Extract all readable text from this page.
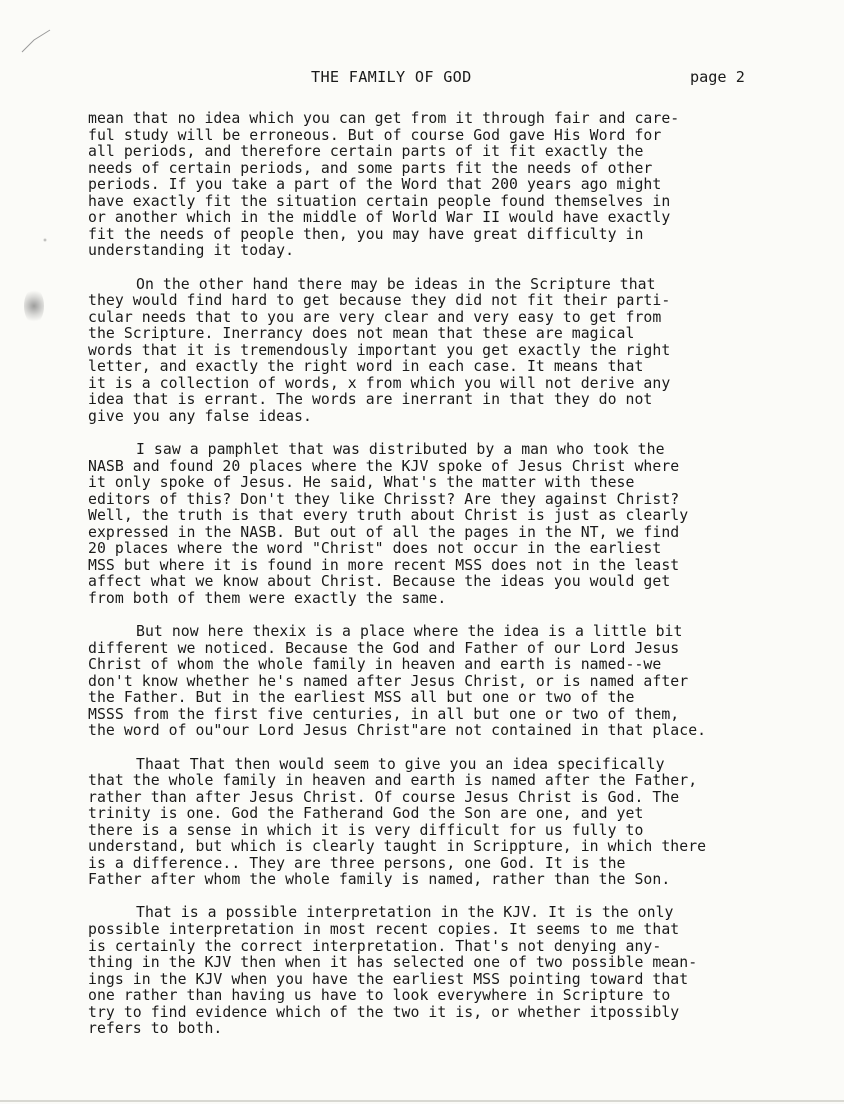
THE FAMILY OF GOD	page 2
mean that no idea which you can get from it through fair and care-
ful study will be erroneous. But of course God gave His Word for
all periods, and therefore certain parts of it fit exactly the
needs of certain periods, and some parts fit the needs of other
periods. If you take a part of the Word that 200 years ago might
have exactly fit the situation certain people found themselves in
or another which in the middle of World War II would have exactly
fit the needs of people then, you may have great difficulty in
understanding it today.
On the other hand there may be ideas in the Scripture that
they would find hard to get because they did not fit their parti-
cular needs that to you are very clear and very easy to get from
the Scripture. Inerrancy does not mean that these are magical
words that it is tremendously important you get exactly the right
letter, and exactly the right word in each case. It means that
it is a collection of words, x from which you will not derive any
idea that is errant. The words are inerrant in that they do not
give you any false ideas.
I saw a pamphlet that was distributed by a man who took the
NASB and found 20 places where the KJV spoke of Jesus Christ where
it only spoke of Jesus. He said, What's the matter with these
editors of this? Don't they like Chrisst? Are they against Christ?
Well, the truth is that every truth about Christ is just as clearly
expressed in the NASB. But out of all the pages in the NT, we find
20 places where the word "Christ" does not occur in the earliest
MSS but where it is found in more recent MSS does not in the least
affect what we know about Christ. Because the ideas you would get
from both of them were exactly the same.
But now here thexix is a place where the idea is a little bit
different we noticed. Because the God and Father of our Lord Jesus
Christ of whom the whole family in heaven and earth is named--we
don't know whether he's named after Jesus Christ, or is named after
the Father. But in the earliest MSS all but one or two of the
MSSS from the first five centuries, in all but one or two of them,
the word of ou"our Lord Jesus Christ"are not contained in that place.
Thaat That then would seem to give you an idea specifically
that the whole family in heaven and earth is named after the Father,
rather than after Jesus Christ. Of course Jesus Christ is God. The
trinity is one. God the Fatherand God the Son are one, and yet
there is a sense in which it is very difficult for us fully to
understand, but which is clearly taught in Scrippture, in which there
is a difference.. They are three persons, one God. It is the
Father after whom the whole family is named, rather than the Son.
That is a possible interpretation in the KJV. It is the only
possible interpretation in most recent copies. It seems to me that
is certainly the correct interpretation. That's not denying any-
thing in the KJV then when it has selected one of two possible mean-
ings in the KJV when you have the earliest MSS pointing toward that
one rather than having us have to look everywhere in Scripture to
try to find evidence which of the two it is, or whether itpossibly
refers to both.
